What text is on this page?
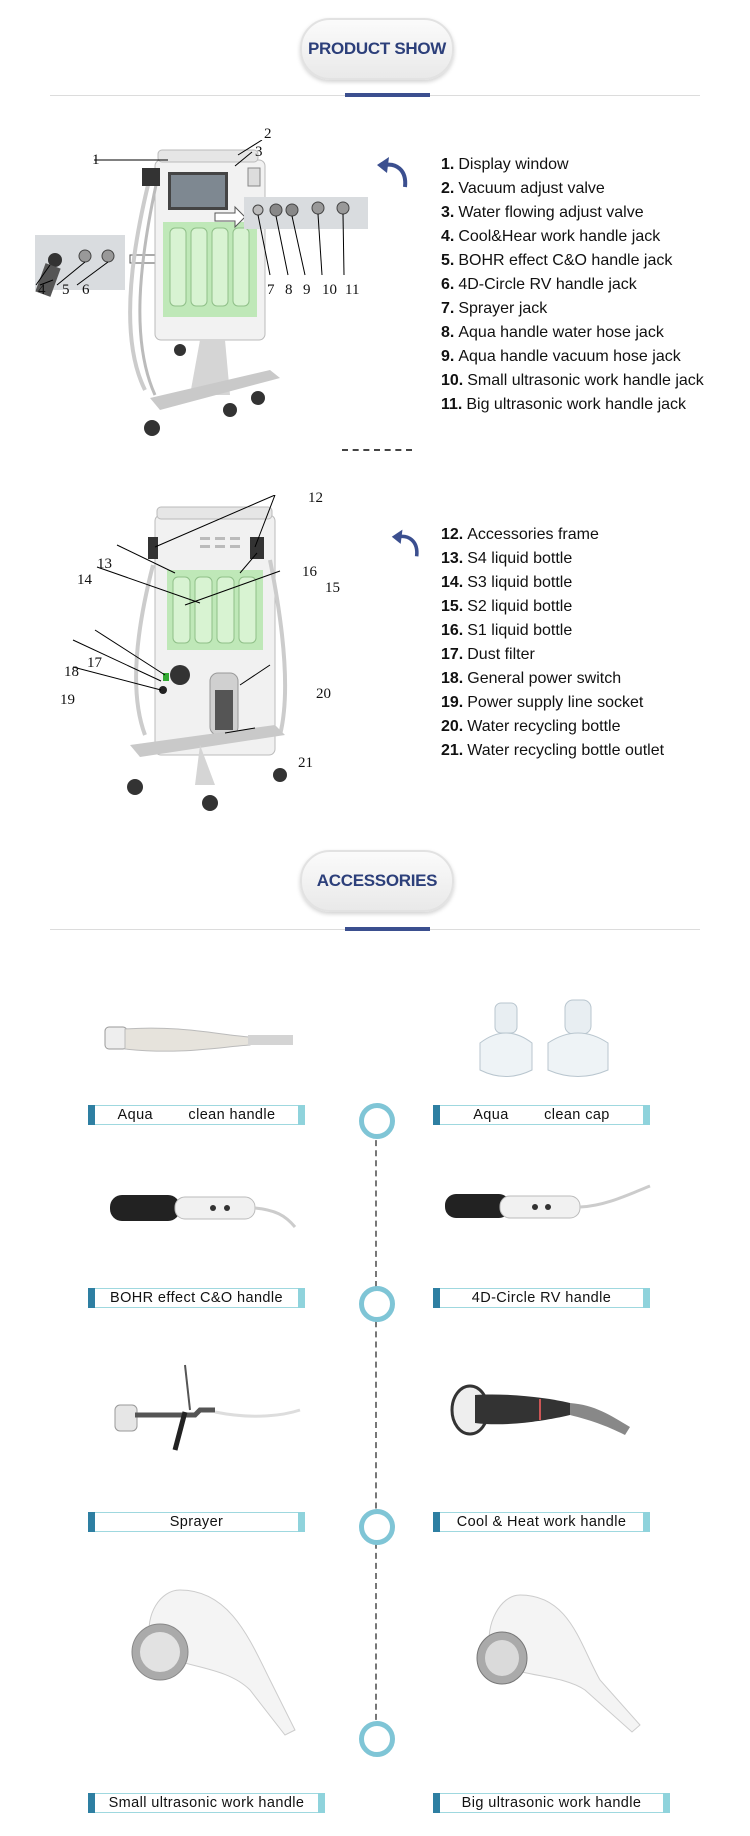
PRODUCT SHOW
1
2
3
4 5 6	7 8 9 10 11
1. Display window
2. Vacuum adjust valve
3. Water flowing adjust valve
4. Cool&Hear work handle jack
5. BOHR effect C&O handle jack
6. 4D-Circle RV handle jack
7. Sprayer jack
8. Aqua handle water hose jack
9. Aqua handle vacuum hose jack
10. Small ultrasonic work handle jack
11. Big ultrasonic work handle jack
12
13
14	15
16
17
18
19	20
21
12. Accessories frame
13. S4 liquid bottle
14. S3 liquid bottle
15. S2 liquid bottle
16. S1 liquid bottle
17. Dust filter
18. General power switch
19. Power supply line socket
20. Water recycling bottle
21. Water recycling bottle outlet
ACCESSORIES
Aqua        clean handle	Aqua        clean cap
BOHR effect C&O handle	4D-Circle RV handle
Sprayer	Cool & Heat work handle
Small ultrasonic work handle	Big ultrasonic work handle
